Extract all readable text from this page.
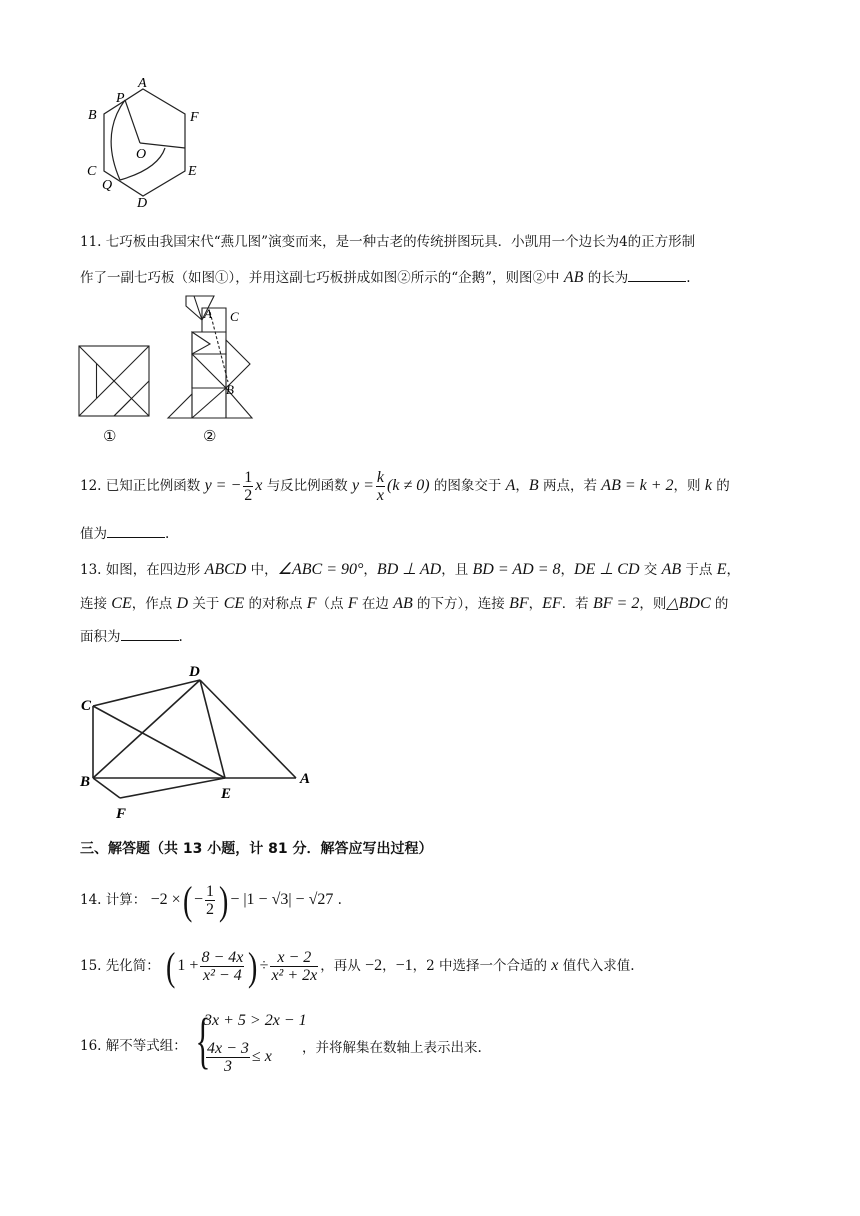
A
B
C
D
E
F
O
P
Q
11. 七巧板由我国宋代“燕几图”演变而来，是一种古老的传统拼图玩具．小凯用一个边长为4的正方形制
作了一副七巧板（如图①），并用这副七巧板拼成如图②所示的“企鹅”，则图②中 AB 的长为	.
①
A C
B
②
12. 已知正比例函数 y = − $\frac{1}{2}$ x 与反比例函数 $y = \frac{k}{x} (k \ne 0)$ 的图象交于 A，B 两点，若 AB = k + 2，则 k 的
值为	.
13. 如图，在四边形 ABCD 中，∠ABC = 90°，BD ⊥ AD，且 BD = AD = 8，DE ⊥ CD 交 AB 于点 E，
连接 CE，作点 D 关于 CE 的对称点 F（点 F 在边 AB 的下方），连接 BF，EF．若 BF = 2，则△BDC 的
面积为	.
D
C
B
E
A
F
三、解答题（共 13 小题，计 81 分．解答应写出过程）
14. 计算： −2 ×( − $\frac{1}{2}$ ) − |1 − √3| − √27 .
15. 先化简： ( $1 + \frac{8 - 4x}{\text{x² − 4}}$ ) ÷ $\frac{x - 2}{\text{x² + 2x}}$ ，再从 −2，−1，2 中选择一个合适的 x 值代入求值.
16. 解不等式组： {
3x + 5 > 2x − 1
$\frac{4x - 3}{3} \le x$ ，并将解集在数轴上表示出来.
